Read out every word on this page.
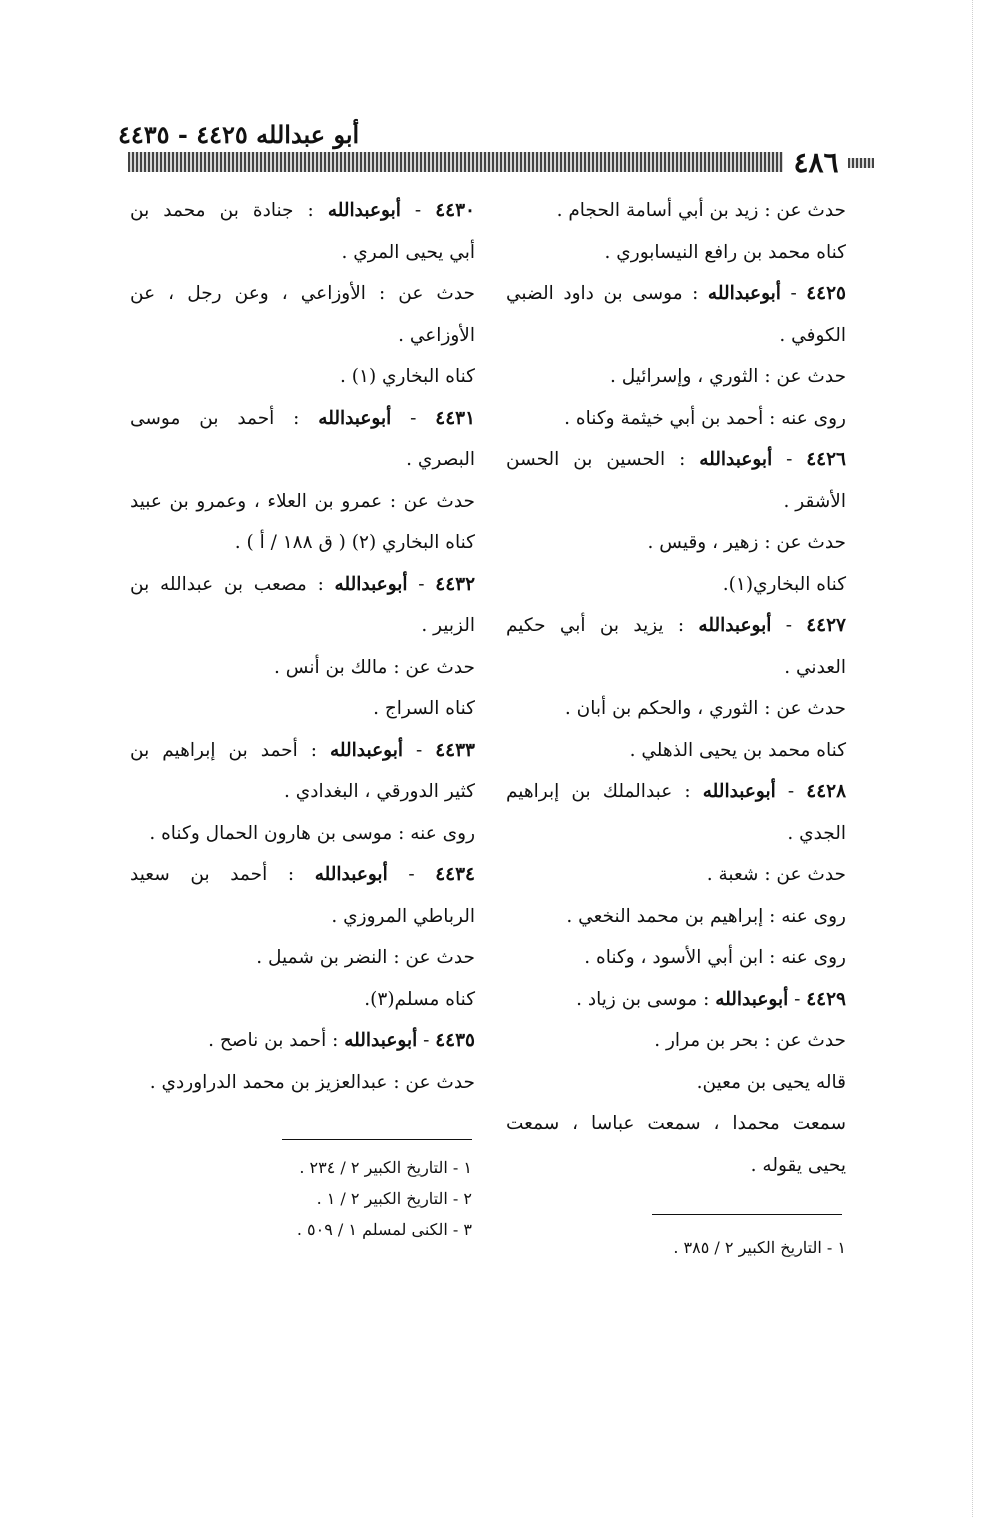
أبو عبدالله ٤٤٢٥ - ٤٤٣٥
٤٨٦
حدث عن : زيد بن أبي أسامة الحجام .
كناه محمد بن رافع النيسابوري .
٤٤٢٥ - أبوعبدالله : موسى بن داود الضبي
الكوفي .
حدث عن : الثوري ، وإسرائيل .
روى عنه : أحمد بن أبي خيثمة وكناه .
٤٤٢٦ - أبوعبدالله : الحسين بن الحسن
الأشقر .
حدث عن : زهير ، وقيس .
كناه البخاري(١).
٤٤٢٧ - أبوعبدالله : يزيد بن أبي حكيم
العدني .
حدث عن : الثوري ، والحكم بن أبان .
كناه محمد بن يحيى الذهلي .
٤٤٢٨ - أبوعبدالله : عبدالملك بن إبراهيم
الجدي .
حدث عن : شعبة .
روى عنه : إبراهيم بن محمد النخعي .
روى عنه : ابن أبي الأسود ، وكناه .
٤٤٢٩ - أبوعبدالله : موسى بن زياد .
حدث عن : بحر بن مرار .
قاله يحيى بن معين.
سمعت محمدا ، سمعت عباسا ، سمعت
يحيى يقوله .
٤٤٣٠ - أبوعبدالله : جنادة بن محمد بن
أبي يحيى المري .
حدث عن : الأوزاعي ، وعن رجل ، عن
الأوزاعي .
كناه البخاري (١) .
٤٤٣١ - أبوعبدالله : أحمد بن موسى
البصري .
حدث عن : عمرو بن العلاء ، وعمرو بن عبيد
كناه البخاري (٢) ( ق ١٨٨ / أ ) .
٤٤٣٢ - أبوعبدالله : مصعب بن عبدالله بن
الزبير .
حدث عن : مالك بن أنس .
كناه السراج .
٤٤٣٣ - أبوعبدالله : أحمد بن إبراهيم بن
كثير الدورقي ، البغدادي .
روى عنه : موسى بن هارون الحمال وكناه .
٤٤٣٤ - أبوعبدالله : أحمد بن سعيد
الرباطي المروزي .
حدث عن : النضر بن شميل .
كناه مسلم(٣).
٤٤٣٥ - أبوعبدالله : أحمد بن ناصح .
حدث عن : عبدالعزيز بن محمد الدراوردي .
١ - التاريخ الكبير ٢ / ٣٨٥ .
١ - التاريخ الكبير ٢ / ٢٣٤ .
٢ - التاريخ الكبير ٢ / ١ .
٣ - الكنى لمسلم ١ / ٥٠٩ .
